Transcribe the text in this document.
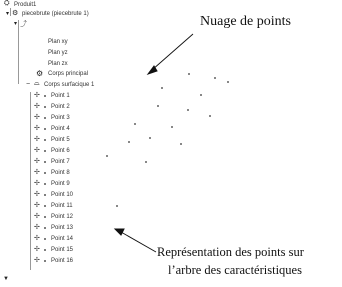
⛭ Produit1
▾ ⚙ piecebrute (piecebrute 1)
▾ ⤴
Plan xy
Plan yz
Plan zx
⚙ Corps principal
− ⌓ Corps surfacique 1
✢ Point 1
✢ Point 2
✢ Point 3
✢ Point 4
✢ Point 5
✢ Point 6
✢ Point 7
✢ Point 8
✢ Point 9
✢ Point 10
✢ Point 11
✢ Point 12
✢ Point 13
✢ Point 14
✢ Point 15
✢ Point 16
▼
Nuage de points
Représentation des points sur
l’arbre des caractéristiques
